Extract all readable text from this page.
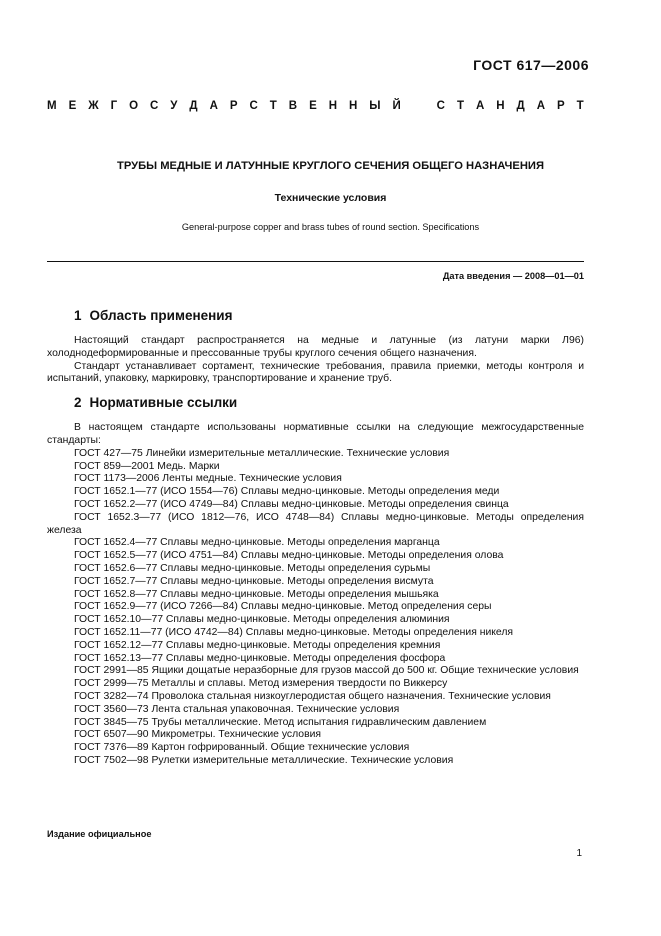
ГОСТ 617—2006
М Е Ж Г О С У Д А Р С Т В Е Н Н Ы Й	С Т А Н Д А Р Т
ТРУБЫ МЕДНЫЕ И ЛАТУННЫЕ КРУГЛОГО СЕЧЕНИЯ ОБЩЕГО НАЗНАЧЕНИЯ
Технические условия
General-purpose copper and brass tubes of round section. Specifications
Дата введения — 2008—01—01
1 Область применения

Настоящий стандарт распространяется на медные и латунные (из латуни марки Л96) холоднодеформированные и прессованные трубы круглого сечения общего назначения.

Стандарт устанавливает сортамент, технические требования, правила приемки, методы контроля и испытаний, упаковку, маркировку, транспортирование и хранение труб.

2 Нормативные ссылки

В настоящем стандарте использованы нормативные ссылки на следующие межгосударственные стандарты:

ГОСТ 427—75 Линейки измерительные металлические. Технические условия
ГОСТ 859—2001 Медь. Марки
ГОСТ 1173—2006 Ленты медные. Технические условия
ГОСТ 1652.1—77 (ИСО 1554—76) Сплавы медно-цинковые. Методы определения меди
ГОСТ 1652.2—77 (ИСО 4749—84) Сплавы медно-цинковые. Методы определения свинца
ГОСТ 1652.3—77 (ИСО 1812—76, ИСО 4748—84) Сплавы медно-цинковые. Методы определения железа
ГОСТ 1652.4—77 Сплавы медно-цинковые. Методы определения марганца
ГОСТ 1652.5—77 (ИСО 4751—84) Сплавы медно-цинковые. Методы определения олова
ГОСТ 1652.6—77 Сплавы медно-цинковые. Методы определения сурьмы
ГОСТ 1652.7—77 Сплавы медно-цинковые. Методы определения висмута
ГОСТ 1652.8—77 Сплавы медно-цинковые. Методы определения мышьяка
ГОСТ 1652.9—77 (ИСО 7266—84) Сплавы медно-цинковые. Метод определения серы
ГОСТ 1652.10—77 Сплавы медно-цинковые. Методы определения алюминия
ГОСТ 1652.11—77 (ИСО 4742—84) Сплавы медно-цинковые. Методы определения никеля
ГОСТ 1652.12—77 Сплавы медно-цинковые. Методы определения кремния
ГОСТ 1652.13—77 Сплавы медно-цинковые. Методы определения фосфора
ГОСТ 2991—85 Ящики дощатые неразборные для грузов массой до 500 кг. Общие технические условия
ГОСТ 2999—75 Металлы и сплавы. Метод измерения твердости по Виккерсу
ГОСТ 3282—74 Проволока стальная низкоуглеродистая общего назначения. Технические условия
ГОСТ 3560—73 Лента стальная упаковочная. Технические условия
ГОСТ 3845—75 Трубы металлические. Метод испытания гидравлическим давлением
ГОСТ 6507—90 Микрометры. Технические условия
ГОСТ 7376—89 Картон гофрированный. Общие технические условия
ГОСТ 7502—98 Рулетки измерительные металлические. Технические условия
Издание официальное
1
